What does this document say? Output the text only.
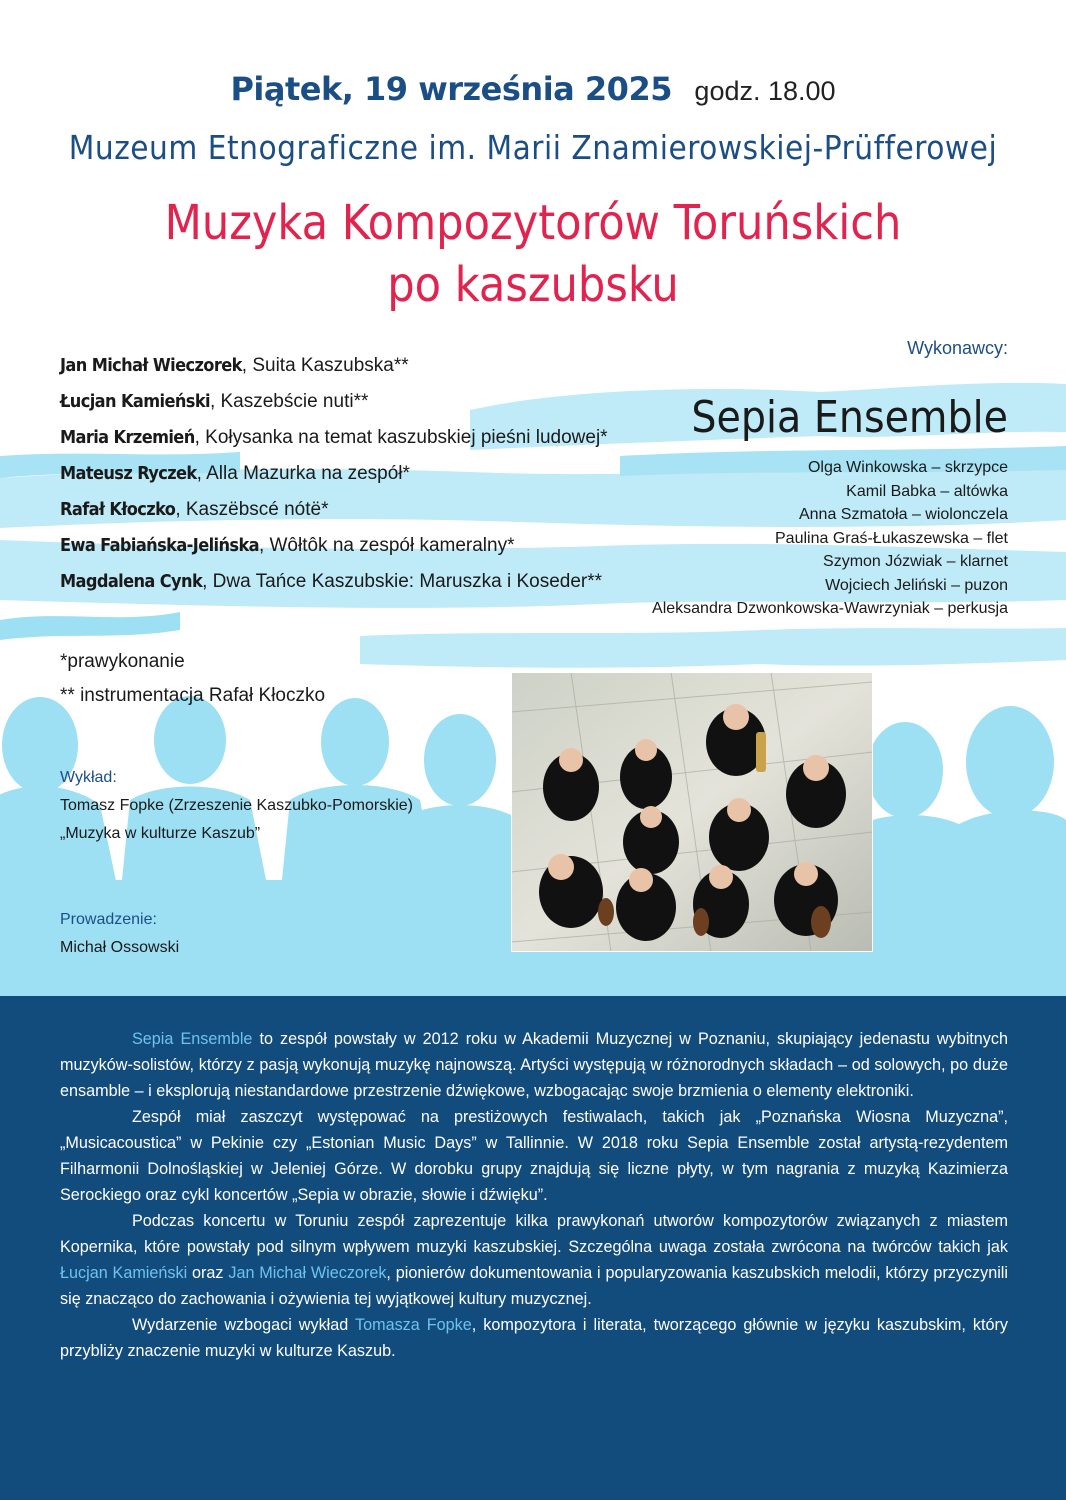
Piątek, 19 września 2025 godz. 18.00
Muzeum Etnograficzne im. Marii Znamierowskiej-Prüfferowej
Muzyka Kompozytorów Toruńskich
po kaszubsku
Jan Michał Wieczorek, Suita Kaszubska**
Łucjan Kamieński, Kaszebście nuti**
Maria Krzemień, Kołysanka na temat kaszubskiej pieśni ludowej*
Mateusz Ryczek, Alla Mazurka na zespół*
Rafał Kłoczko, Kaszëbscé nótë*
Ewa Fabiańska-Jelińska, Wôłtôk na zespół kameralny*
Magdalena Cynk, Dwa Tańce Kaszubskie: Maruszka i Koseder**
*prawykonanie
** instrumentacja Rafał Kłoczko
Wykład:
Tomasz Fopke (Zrzeszenie Kaszubko-Pomorskie)
„Muzyka w kulturze Kaszub”
Prowadzenie:
Michał Ossowski
Wykonawcy:
Sepia Ensemble
Olga Winkowska – skrzypce
Kamil Babka – altówka
Anna Szmatoła – wiolonczela
Paulina Graś-Łukaszewska – flet
Szymon Józwiak – klarnet
Wojciech Jeliński – puzon
Aleksandra Dzwonkowska-Wawrzyniak – perkusja

Sepia Ensemble to zespół powstały w 2012 roku w Akademii Muzycznej w Poznaniu, skupiający jedenastu wybitnych muzyków-solistów, którzy z pasją wykonują muzykę najnowszą. Artyści występują w różnorodnych składach – od solowych, po duże ensamble – i eksplorują niestandardowe przestrzenie dźwiękowe, wzbogacając swoje brzmienia o elementy elektroniki.

Zespół miał zaszczyt występować na prestiżowych festiwalach, takich jak „Poznańska Wiosna Muzyczna”, „Musicacoustica” w Pekinie czy „Estonian Music Days” w Tallinnie. W 2018 roku Sepia Ensemble został artystą-rezydentem Filharmonii Dolnośląskiej w Jeleniej Górze. W dorobku grupy znajdują się liczne płyty, w tym nagrania z muzyką Kazimierza Serockiego oraz cykl koncertów „Sepia w obrazie, słowie i dźwięku”.

Podczas koncertu w Toruniu zespół zaprezentuje kilka prawykonań utworów kompozytorów związanych z miastem Kopernika, które powstały pod silnym wpływem muzyki kaszubskiej. Szczególna uwaga została zwrócona na twórców takich jak Łucjan Kamieński oraz Jan Michał Wieczorek, pionierów dokumentowania i popularyzowania kaszubskich melodii, którzy przyczynili się znacząco do zachowania i ożywienia tej wyjątkowej kultury muzycznej.

Wydarzenie wzbogaci wykład Tomasza Fopke, kompozytora i literata, tworzącego głównie w języku kaszubskim, który przybliży znaczenie muzyki w kulturze Kaszub.
